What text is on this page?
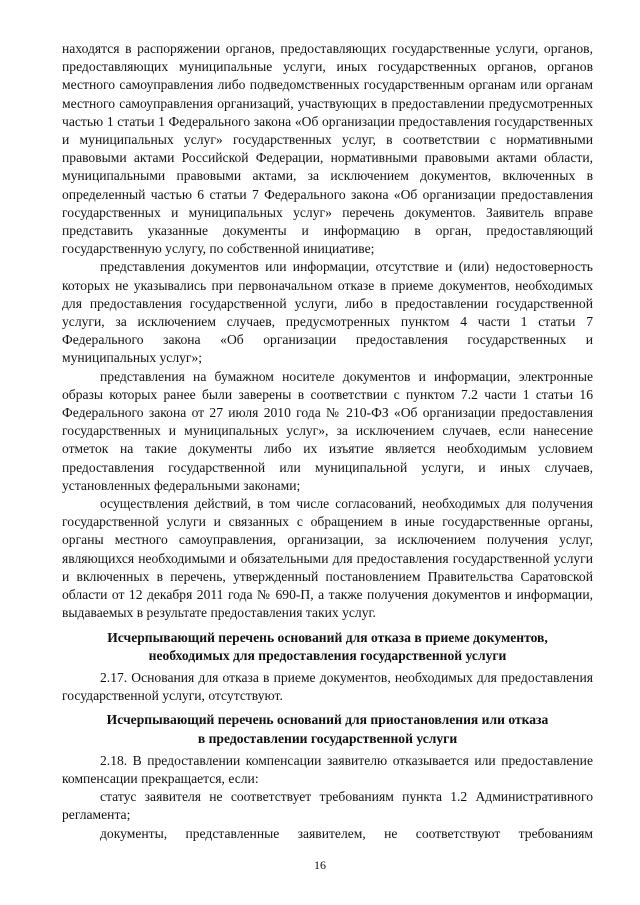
находятся в распоряжении органов, предоставляющих государственные услуги, органов, предоставляющих муниципальные услуги, иных государственных органов, органов местного самоуправления либо подведомственных государственным органам или органам местного самоуправления организаций, участвующих в предоставлении предусмотренных частью 1 статьи 1 Федерального закона «Об организации предоставления государственных и муниципальных услуг» государственных услуг, в соответствии с нормативными правовыми актами Российской Федерации, нормативными правовыми актами области, муниципальными правовыми актами, за исключением документов, включенных в определенный частью 6 статьи 7 Федерального закона «Об организации предоставления государственных и муниципальных услуг» перечень документов. Заявитель вправе представить указанные документы и информацию в орган, предоставляющий государственную услугу, по собственной инициативе;

представления документов или информации, отсутствие и (или) недостоверность которых не указывались при первоначальном отказе в приеме документов, необходимых для предоставления государственной услуги, либо в предоставлении государственной услуги, за исключением случаев, предусмотренных пунктом 4 части 1 статьи 7 Федерального закона «Об организации предоставления государственных и муниципальных услуг»;

представления на бумажном носителе документов и информации, электронные образы которых ранее были заверены в соответствии с пунктом 7.2 части 1 статьи 16 Федерального закона от 27 июля 2010 года № 210-ФЗ «Об организации предоставления государственных и муниципальных услуг», за исключением случаев, если нанесение отметок на такие документы либо их изъятие является необходимым условием предоставления государственной или муниципальной услуги, и иных случаев, установленных федеральными законами;

осуществления действий, в том числе согласований, необходимых для получения государственной услуги и связанных с обращением в иные государственные органы, органы местного самоуправления, организации, за исключением получения услуг, являющихся необходимыми и обязательными для предоставления государственной услуги и включенных в перечень, утвержденный постановлением Правительства Саратовской области от 12 декабря 2011 года № 690-П, а также получения документов и информации, выдаваемых в результате предоставления таких услуг.

Исчерпывающий перечень оснований для отказа в приеме документов,
необходимых для предоставления государственной услуги

2.17. Основания для отказа в приеме документов, необходимых для предоставления государственной услуги, отсутствуют.

Исчерпывающий перечень оснований для приостановления или отказа
в предоставлении государственной услуги

2.18. В предоставлении компенсации заявителю отказывается или предоставление компенсации прекращается, если:

статус заявителя не соответствует требованиям пункта 1.2 Административного регламента;

документы, представленные заявителем, не соответствуют требованиям

16
